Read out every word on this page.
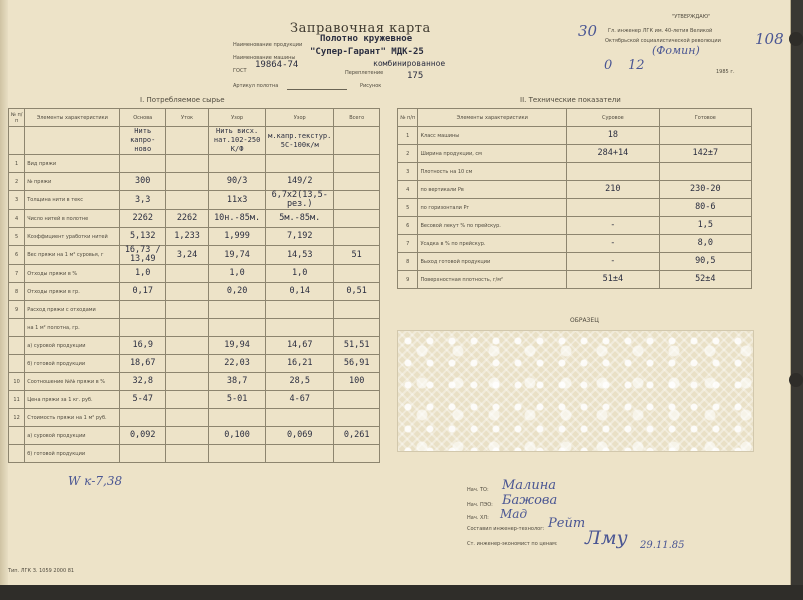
Заправочная карта
Наименование продукции
Полотно кружевное
Наименование машины
"Супер-Гарант" МДК-25
ГОСТ
19864-74
Переплетение
комбинированное
Артикул полотна	Рисунок
175
"УТВЕРЖДАЮ"
Гл. инженер ЛГК им. 40-летия Великой
Октябрьской социалистической революции
30	108
(Фомин)
0 12	1985 г.
I. Потребляемое сырье	II. Технические показатели
№ п/п	Элементы характеристики	Основа	Уток	Узор	Узор	Всего
		Нить капро-ново		Нить висх. нат.102-250 К/Ф	м.капр.текстур. 5С-100к/м	
1	Вид пряжи					
2	№ пряжи	300		90/3	149/2	
3	Толщина нити в текс	3,3		11х3	6,7х2(13,5-рез.)	
4	Число нитей в полотне	2262	2262	10н.-85м.	5м.-85м.	
5	Коэффициент уработки нитей	5,132	1,233	1,999	7,192	
6	Вес пряжи на 1 м² суровья, г	16,73 / 13,49	3,24	19,74	14,53	51
7	Отходы пряжи в %	1,0		1,0	1,0	
8	Отходы пряжи в гр.	0,17		0,20	0,14	0,51
9	Расход пряжи с отходами					
	на 1 м² полотна, гр.					
	а) суровой продукции	16,9		19,94	14,67	51,51
	б) готовой продукции	18,67		22,03	16,21	56,91
10	Соотношение №№ пряжи в %	32,8		38,7	28,5	100
11	Цена пряжи за 1 кг. руб.	5-47		5-01	4-67	
12	Стоимость пряжи на 1 м² руб.					
	а) суровой продукции	0,092		0,100	0,069	0,261
	б) готовой продукции					
W к-7,38
№ п/п	Элементы характеристики	Суровое	Готовое
1	Класс машины	18	
2	Ширина продукции, см	284+14	142±7
3	Плотность на 10 см		
4	по вертикали Pв	210	230-20
5	по горизонтали Pг		80-6
6	Весовой лекут % по прейскур.	-	1,5
7	Усадка в % по прейскур.	-	8,0
8	Выход готовой продукции	-	90,5
9	Поверхностная плотность, г/м²	51±4	52±4
ОБРАЗЕЦ
Нач. ТО: Малина
Нач. ПЭО: Бажова
Нач. ХЛ: Мад
Составил инженер-технолог: Рейт
Ст. инженер-экономист по ценам: Лму 29.11.85
Тип. ЛГК З. 1059 2000 81
